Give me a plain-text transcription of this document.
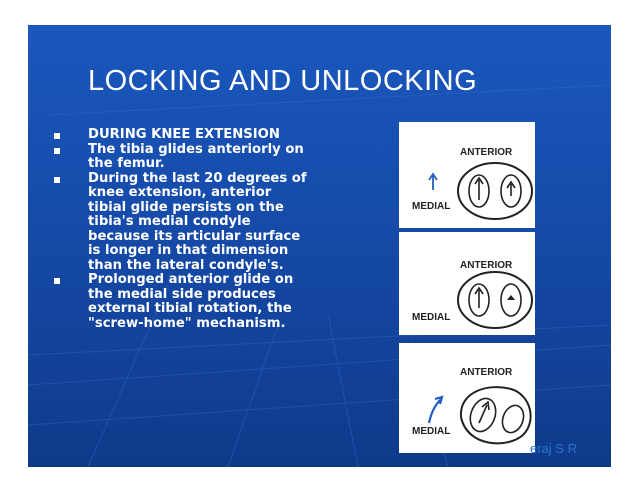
LOCKING AND UNLOCKING
DURING KNEE EXTENSION
The tibia glides anteriorly on the femur.
During the last 20 degrees of knee extension, anterior tibial glide persists on the tibia's medial condyle because its articular surface is longer in that dimension than the lateral condyle's.
Prolonged anterior glide on the medial side produces external tibial rotation, the "screw-home" mechanism.
ANTERIOR
MEDIAL
ANTERIOR
MEDIAL
ANTERIOR
MEDIAL
eraj S R
